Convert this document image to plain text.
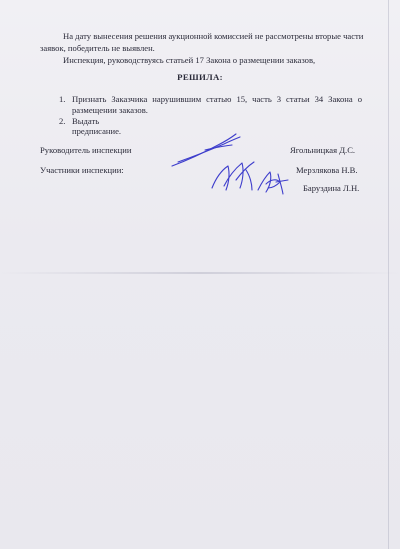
На дату вынесения решения аукционной комиссией не рассмотрены вторые части
заявок, победитель не выявлен.
Инспекция, руководствуясь статьей 17 Закона о размещении заказов,
РЕШИЛА:
1. Признать Заказчика нарушившим статью 15, часть 3 статьи 34 Закона о
размещении заказов.
2. Выдать предписание.
Руководитель инспекции	Ягольницкая Д.С.
Участники инспекции:	Мерзлякова Н.В.
Баруздина Л.Н.
